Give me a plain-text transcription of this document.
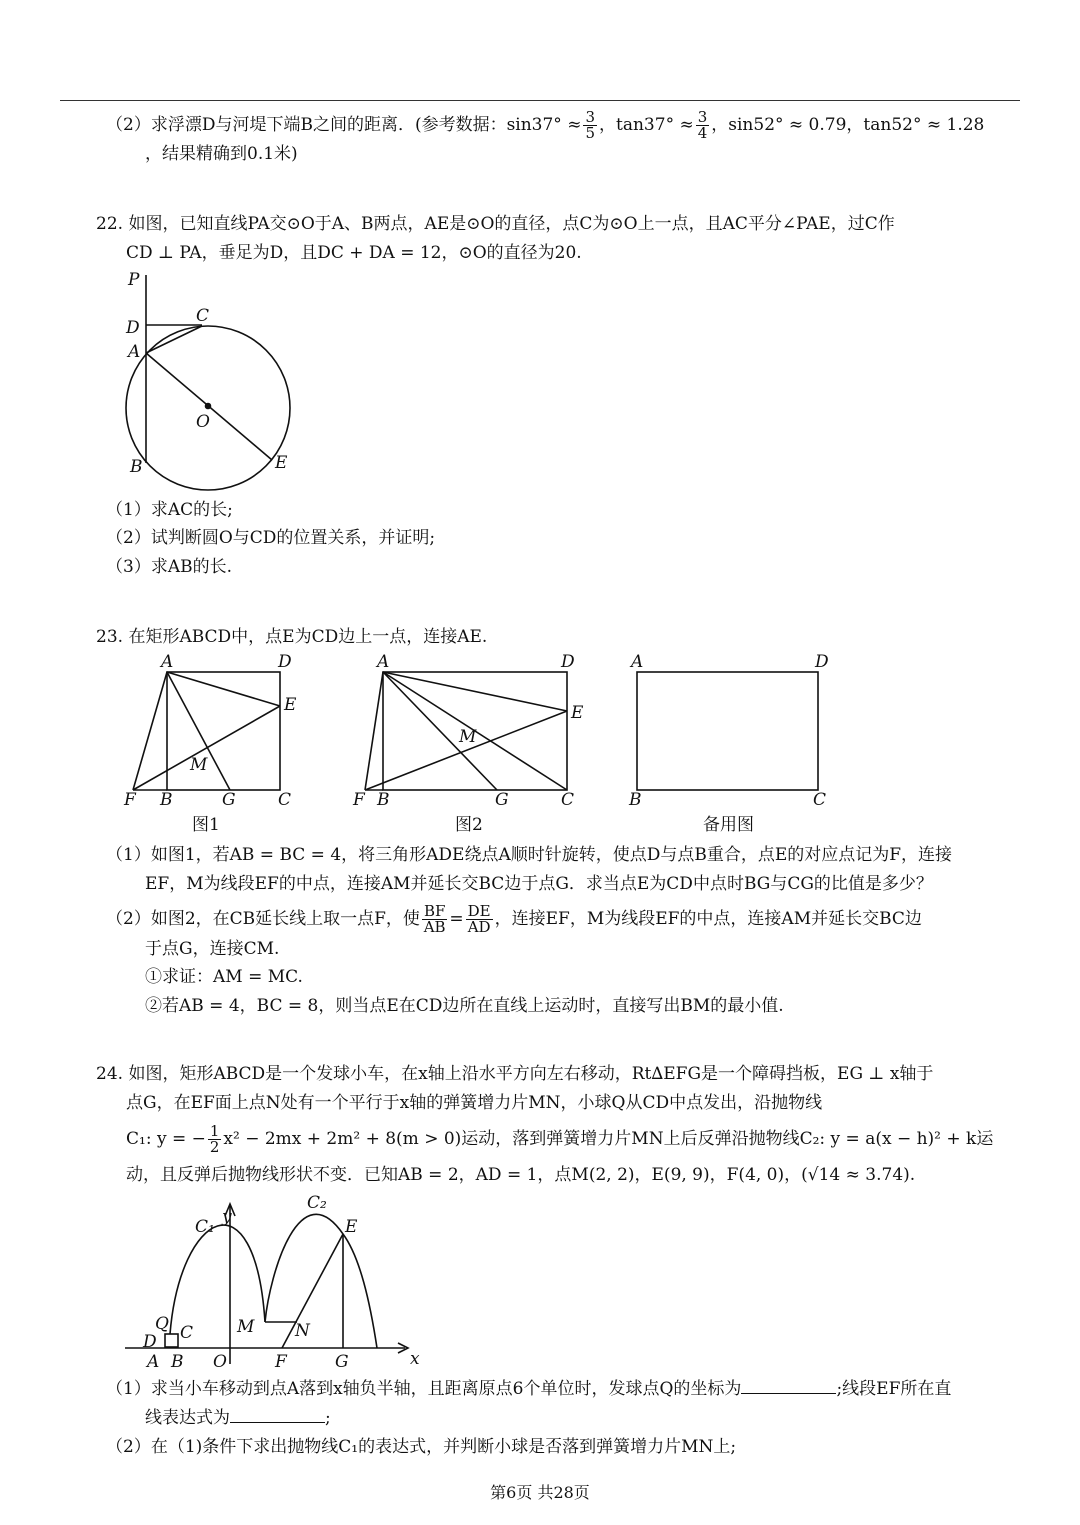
（2）求浮漂D与河堤下端B之间的距离．(参考数据：$\sin 37^\circ \approx \frac{3}{5}$ ，$\tan 37^\circ \approx \frac{3}{4}$ ，sin52° ≈ 0.79，tan52° ≈ 1.28
，结果精确到0.1米)
22. 如图，已知直线PA交⊙O于A、B两点，AE是⊙O的直径，点C为⊙O上一点，且AC平分∠PAE，过C作
CD ⊥ PA，垂足为D，且DC + DA = 12，⊙O的直径为20.
P
D
C
A
O
B	E
（1）求AC的长;
（2）试判断圆O与CD的位置关系，并证明;
（3）求AB的长.
23. 在矩形ABCD中，点E为CD边上一点，连接AE.
A	D
E
M
F B	G C
图1
A	D
E
M
F B	G	C
图2
A	D
B	C
备用图
（1）如图1，若AB = BC = 4，将三角形ADE绕点A顺时针旋转，使点D与点B重合，点E的对应点记为F，连接
EF，M为线段EF的中点，连接AM并延长交BC边于点G．求当点E为CD中点时BG与CG的比值是多少？
（2）如图2，在CB延长线上取一点F，使 $\frac{BF}{AB} = \frac{DE}{AD}$ ，连接EF，M为线段EF的中点，连接AM并延长交BC边
于点G，连接CM.
①求证：AM = MC.
②若AB = 4，BC = 8，则当点E在CD边所在直线上运动时，直接写出BM的最小值.
24. 如图，矩形ABCD是一个发球小车，在x轴上沿水平方向左右移动，Rt∆EFG是一个障碍挡板，EG ⊥ x轴于
点G，在EF面上点N处有一个平行于x轴的弹簧增力片MN，小球Q从CD中点发出，沿抛物线
C₁: y = − $\frac{1}{2} x^2 - 2mx + 2m^2 + 8(m > 0)$运动，落到弹簧增力片MN上后反弹沿抛物线C₂: y = a(x − h)² + k运
动，且反弹后抛物线形状不变．已知AB = 2，AD = 1，点M(2, 2)，E(9, 9)，F(4, 0)，(√14 ≈ 3.74).
y
x
C₁
C₂
E
Q
D C	M N
A B O	F	G
（1）求当小车移动到点A落到x轴负半轴，且距离原点6个单位时，发球点Q的坐标为	;线段EF所在直
线表达式为	;
（2）在（1)条件下求出抛物线C₁的表达式，并判断小球是否落到弹簧增力片MN上;
第6页 共28页
